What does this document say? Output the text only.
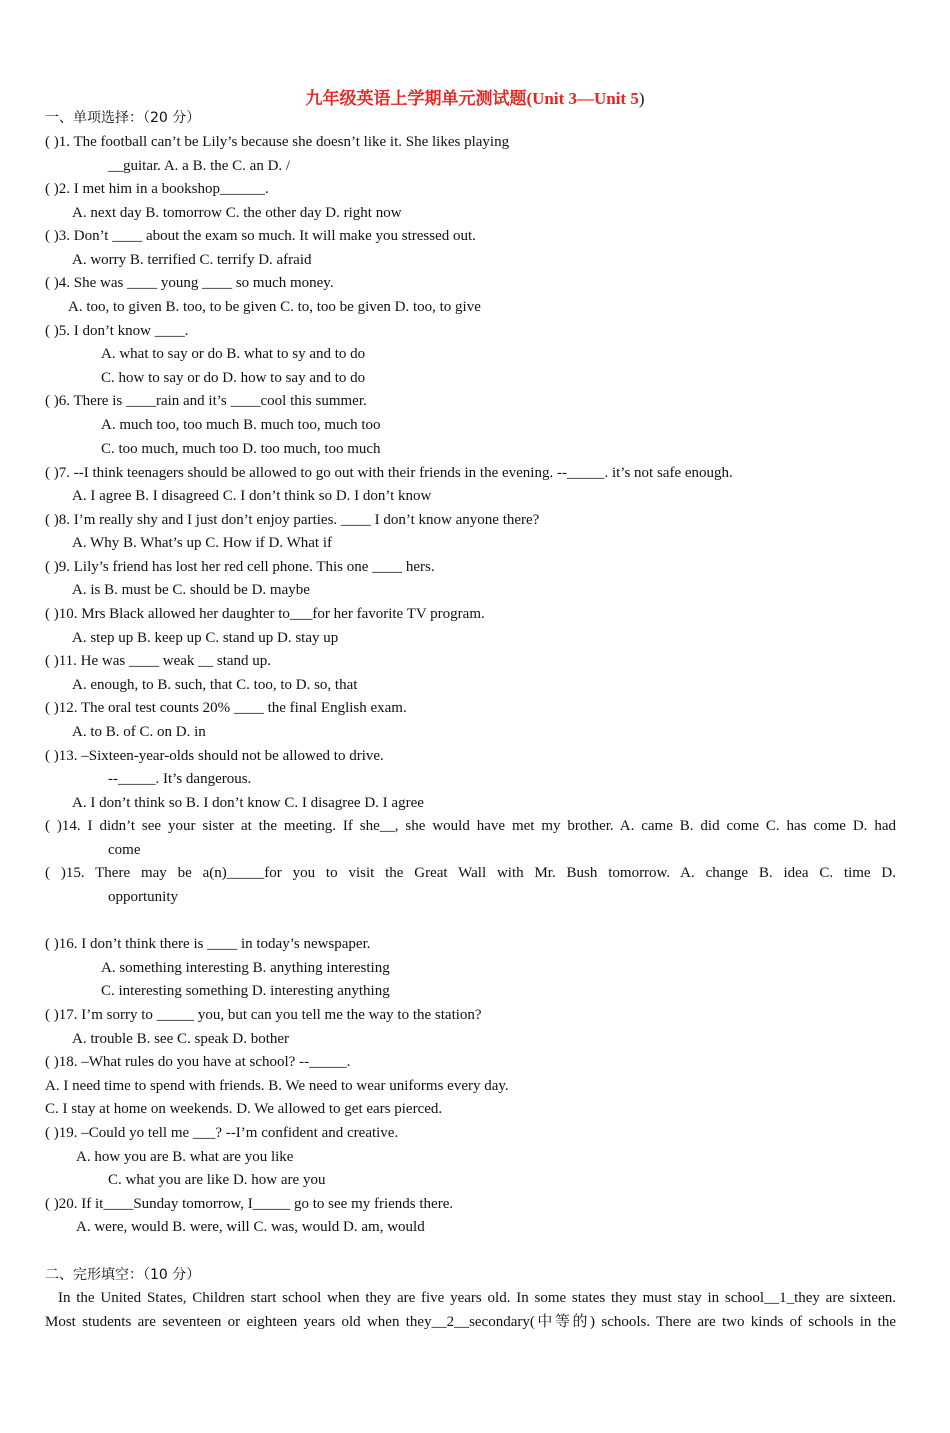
九年级英语上学期单元测试题(Unit 3—Unit 5)
一、单项选择：（20 分）
( )1. The football can’t be Lily’s because she doesn’t like it. She likes playing
__guitar. A. a B. the C. an D. /
( )2. I met him in a bookshop______.
A. next day B. tomorrow C. the other day D. right now
( )3. Don’t ____ about the exam so much. It will make you stressed out.
A. worry B. terrified C. terrify D. afraid
( )4. She was ____ young ____ so much money.
A. too, to given B. too, to be given C. to, too be given D. too, to give
( )5. I don’t know ____.
A. what to say or do B. what to sy and to do
C. how to say or do D. how to say and to do
( )6. There is ____rain and it’s ____cool this summer.
A. much too, too much B. much too, much too
C. too much, much too D. too much, too much
( )7. --I think teenagers should be allowed to go out with their friends in the evening. --_____. it’s not safe enough.
A. I agree B. I disagreed C. I don’t think so D. I don’t know
( )8. I’m really shy and I just don’t enjoy parties. ____ I don’t know anyone there?
A. Why B. What’s up C. How if D. What if
( )9. Lily’s friend has lost her red cell phone. This one ____ hers.
A. is B. must be C. should be D. maybe
( )10. Mrs Black allowed her daughter to___for her favorite TV program.
A. step up B. keep up C. stand up D. stay up
( )11. He was ____ weak __ stand up.
A. enough, to B. such, that C. too, to D. so, that
( )12. The oral test counts 20% ____ the final English exam.
A. to B. of C. on D. in
( )13. –Sixteen-year-olds should not be allowed to drive.
--_____. It’s dangerous.
A. I don’t think so B. I don’t know C. I disagree D. I agree
( )14. I didn’t see your sister at the meeting. If she__, she would have met my brother. A. came B. did come C. has come D. had
come
( )15. There may be a(n)_____for you to visit the Great Wall with Mr. Bush tomorrow. A. change B. idea C. time D.
opportunity
( )16. I don’t think there is ____ in today’s newspaper.
A. something interesting B. anything interesting
C. interesting something D. interesting anything
( )17. I’m sorry to _____ you, but can you tell me the way to the station?
A. trouble B. see C. speak D. bother
( )18. –What rules do you have at school? --_____.
A. I need time to spend with friends. B. We need to wear uniforms every day.
C. I stay at home on weekends. D. We allowed to get ears pierced.
( )19. –Could yo tell me ___? --I’m confident and creative.
A. how you are B. what are you like
C. what you are like D. how are you
( )20. If it____Sunday tomorrow, I_____ go to see my friends there.
A. were, would B. were, will C. was, would D. am, would
二、完形填空：（10 分）
In the United States, Children start school when they are five years old. In some states they must stay in school__1_they are sixteen.
Most students are seventeen or eighteen years old when they__2__secondary(中等的) schools. There are two kinds of schools in the
